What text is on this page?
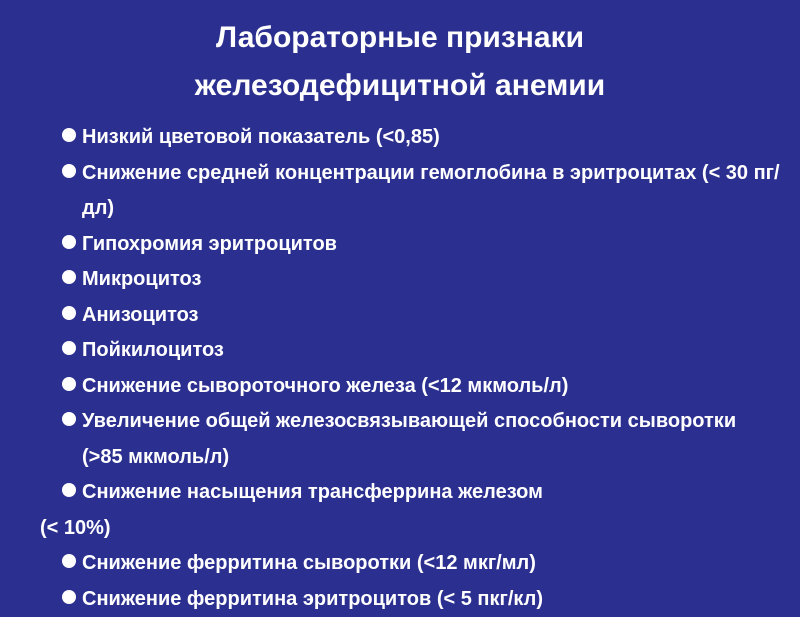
Лабораторные признаки
железодефицитной анемии
Низкий цветовой показатель (<0,85)
Снижение средней концентрации гемоглобина в эритроцитах (< 30 пг/дл)
Гипохромия эритроцитов
Микроцитоз
Анизоцитоз
Пойкилоцитоз
Снижение сывороточного железа (<12 мкмоль/л)
Увеличение общей железосвязывающей способности сыворотки (>85 мкмоль/л)
Снижение насыщения трансферрина железом
(< 10%)
Снижение ферритина сыворотки (<12 мкг/мл)
Снижение ферритина эритроцитов (< 5 пкг/кл)
